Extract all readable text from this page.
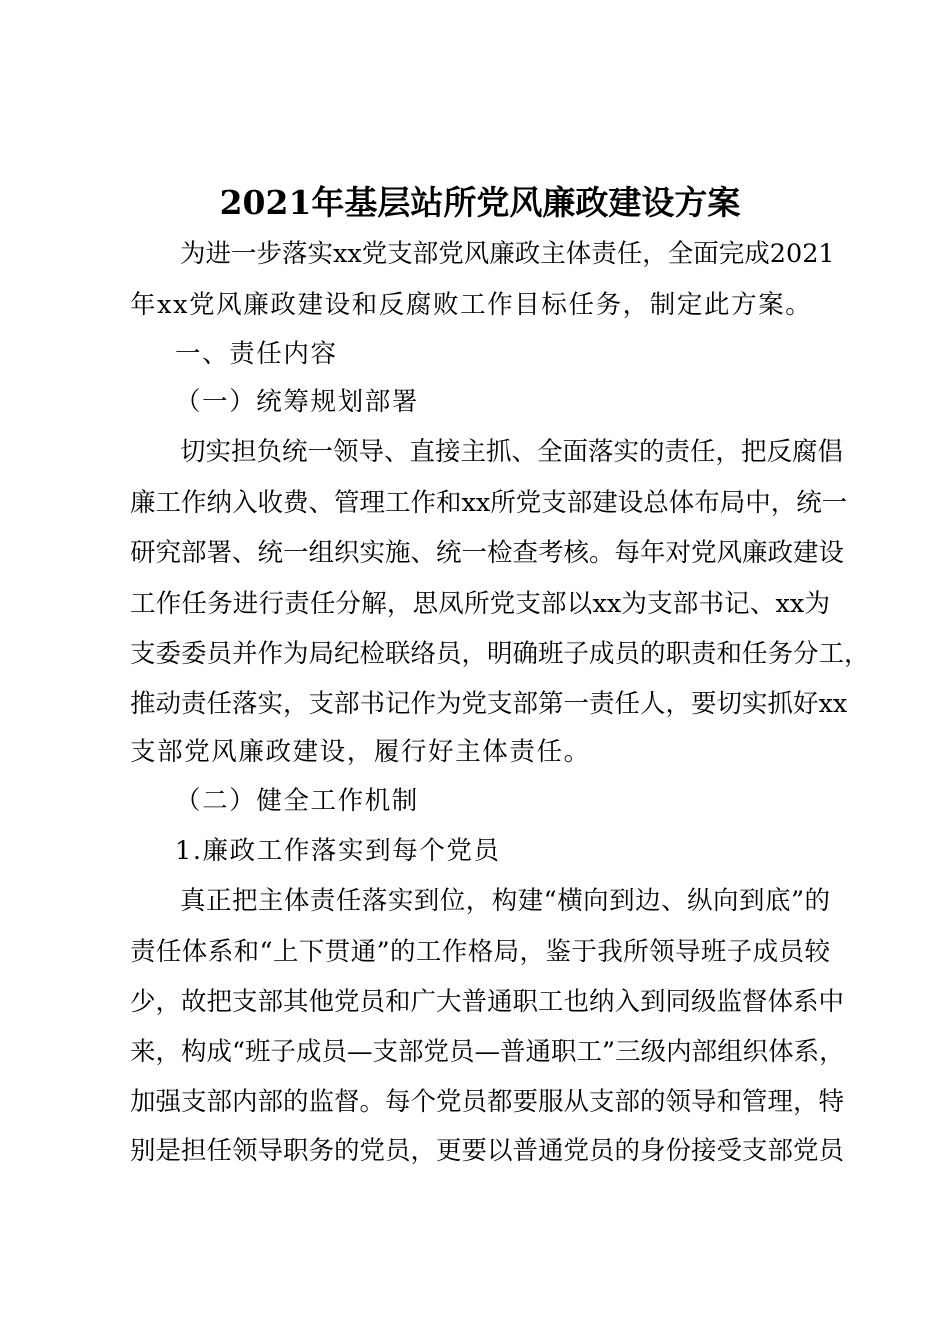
2021年基层站所党风廉政建设方案

为进一步落实xx党支部党风廉政主体责任，全面完成2021

年xx党风廉政建设和反腐败工作目标任务，制定此方案。

一、责任内容

（一）统筹规划部署

切实担负统一领导、直接主抓、全面落实的责任，把反腐倡

廉工作纳入收费、管理工作和xx所党支部建设总体布局中，统一

研究部署、统一组织实施、统一检查考核。每年对党风廉政建设

工作任务进行责任分解，思凤所党支部以xx为支部书记、xx为

支委委员并作为局纪检联络员，明确班子成员的职责和任务分工，

推动责任落实，支部书记作为党支部第一责任人，要切实抓好xx

支部党风廉政建设，履行好主体责任。

（二）健全工作机制

1.廉政工作落实到每个党员

真正把主体责任落实到位，构建“横向到边、纵向到底”的

责任体系和“上下贯通”的工作格局，鉴于我所领导班子成员较

少，故把支部其他党员和广大普通职工也纳入到同级监督体系中

来，构成“班子成员—支部党员—普通职工”三级内部组织体系，

加强支部内部的监督。每个党员都要服从支部的领导和管理，特

别是担任领导职务的党员，更要以普通党员的身份接受支部党员
